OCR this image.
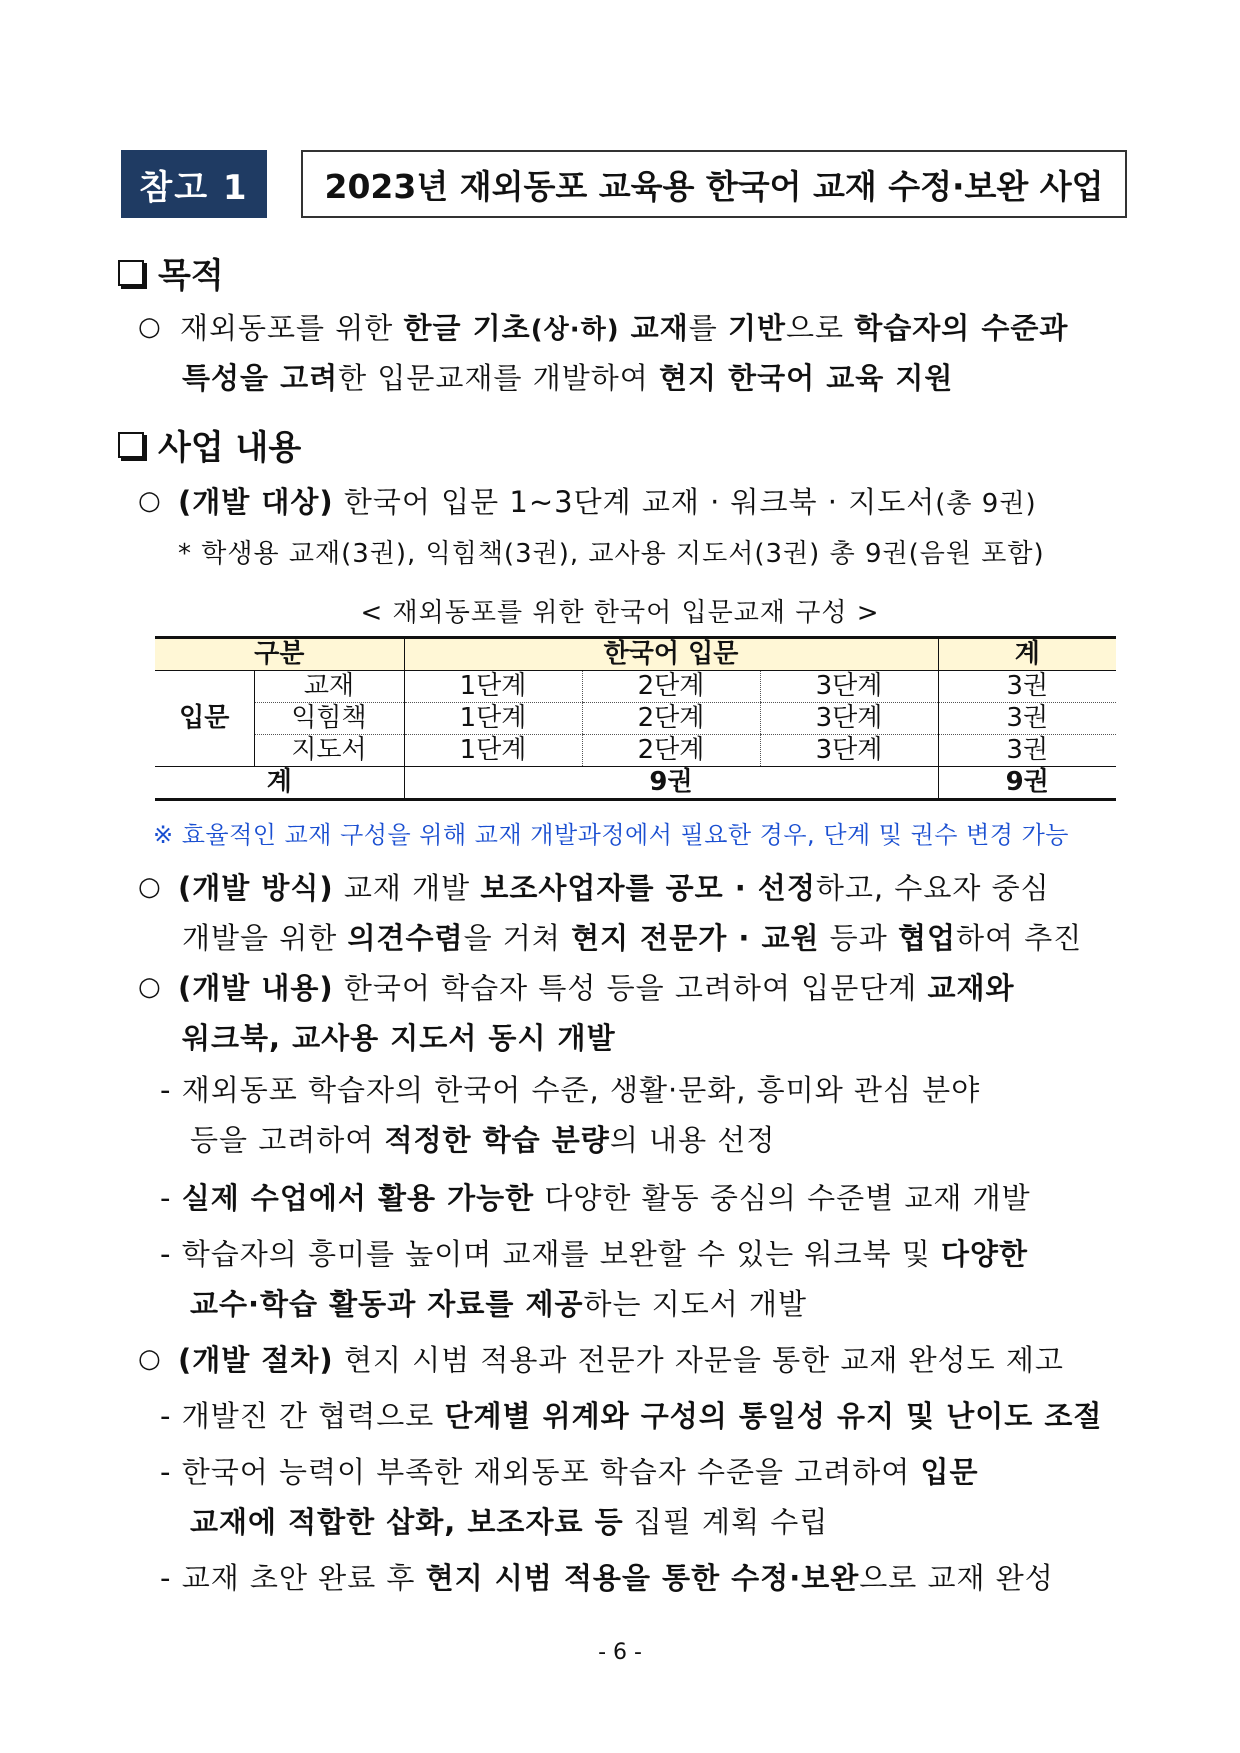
참고 1	2023년 재외동포 교육용 한국어 교재 수정·보완 사업
목적
○ 재외동포를 위한 한글 기초(상·하) 교재를 기반으로 학습자의 수준과
특성을 고려한 입문교재를 개발하여 현지 한국어 교육 지원
사업 내용
○ (개발 대상) 한국어 입문 1~3단계 교재 · 워크북 · 지도서(총 9권)
* 학생용 교재(3권), 익힘책(3권), 교사용 지도서(3권) 총 9권(음원 포함)
< 재외동포를 위한 한국어 입문교재 구성 >
구분		한국어 입문			계
입문	교재	1단계	2단계	3단계	3권
	익힘책	1단계	2단계	3단계	3권
	지도서	1단계	2단계	3단계	3권
계		9권			9권
※ 효율적인 교재 구성을 위해 교재 개발과정에서 필요한 경우, 단계 및 권수 변경 가능
○ (개발 방식) 교재 개발 보조사업자를 공모 · 선정하고, 수요자 중심
개발을 위한 의견수렴을 거쳐 현지 전문가 · 교원 등과 협업하여 추진
○ (개발 내용) 한국어 학습자 특성 등을 고려하여 입문단계 교재와
워크북, 교사용 지도서 동시 개발
- 재외동포 학습자의 한국어 수준, 생활·문화, 흥미와 관심 분야
등을 고려하여 적정한 학습 분량의 내용 선정
- 실제 수업에서 활용 가능한 다양한 활동 중심의 수준별 교재 개발
- 학습자의 흥미를 높이며 교재를 보완할 수 있는 워크북 및 다양한
교수·학습 활동과 자료를 제공하는 지도서 개발
○ (개발 절차) 현지 시범 적용과 전문가 자문을 통한 교재 완성도 제고
- 개발진 간 협력으로 단계별 위계와 구성의 통일성 유지 및 난이도 조절
- 한국어 능력이 부족한 재외동포 학습자 수준을 고려하여 입문
교재에 적합한 삽화, 보조자료 등 집필 계획 수립
- 교재 초안 완료 후 현지 시범 적용을 통한 수정·보완으로 교재 완성
- 6 -
